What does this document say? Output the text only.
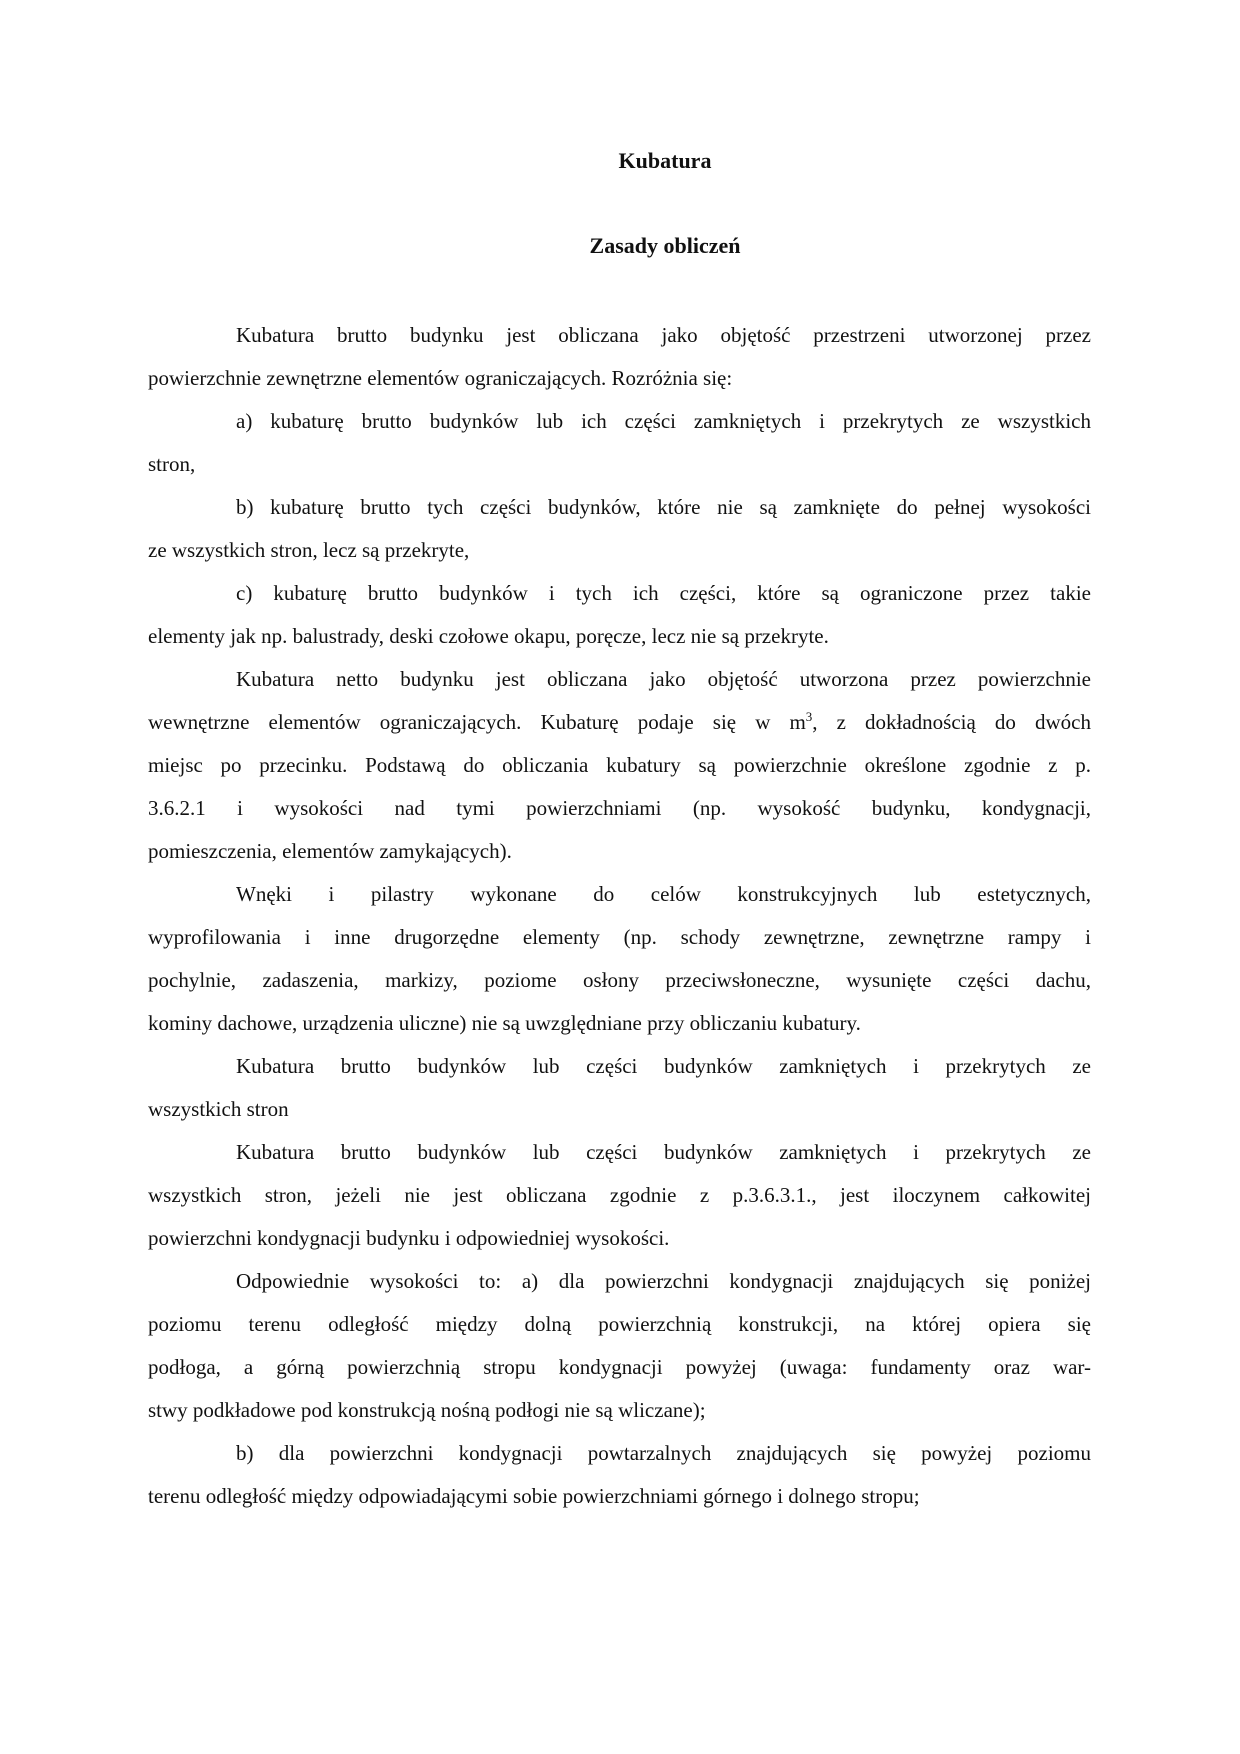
Kubatura
Zasady obliczeń
Kubatura brutto budynku jest obliczana jako objętość przestrzeni utworzonej przez
powierzchnie zewnętrzne elementów ograniczających. Rozróżnia się:
a) kubaturę brutto budynków lub ich części zamkniętych i przekrytych ze wszystkich
stron,
b) kubaturę brutto tych części budynków, które nie są zamknięte do pełnej wysokości
ze wszystkich stron, lecz są przekryte,
c) kubaturę brutto budynków i tych ich części, które są ograniczone przez takie
elementy jak np. balustrady, deski czołowe okapu, poręcze, lecz nie są przekryte.
Kubatura netto budynku jest obliczana jako objętość utworzona przez powierzchnie
wewnętrzne elementów ograniczających. Kubaturę podaje się w $m^3$, z dokładnością do dwóch
miejsc po przecinku. Podstawą do obliczania kubatury są powierzchnie określone zgodnie z p.
3.6.2.1 i wysokości nad tymi powierzchniami (np. wysokość budynku, kondygnacji,
pomieszczenia, elementów zamykających).
Wnęki i pilastry wykonane do celów konstrukcyjnych lub estetycznych,
wyprofilowania i inne drugorzędne elementy (np. schody zewnętrzne, zewnętrzne rampy i
pochylnie, zadaszenia, markizy, poziome osłony przeciwsłoneczne, wysunięte części dachu,
kominy dachowe, urządzenia uliczne) nie są uwzględniane przy obliczaniu kubatury.
Kubatura brutto budynków lub części budynków zamkniętych i przekrytych ze
wszystkich stron
Kubatura brutto budynków lub części budynków zamkniętych i przekrytych ze
wszystkich stron, jeżeli nie jest obliczana zgodnie z p.3.6.3.1., jest iloczynem całkowitej
powierzchni kondygnacji budynku i odpowiedniej wysokości.
Odpowiednie wysokości to: a) dla powierzchni kondygnacji znajdujących się poniżej
poziomu terenu odległość między dolną powierzchnią konstrukcji, na której opiera się
podłoga, a górną powierzchnią stropu kondygnacji powyżej (uwaga: fundamenty oraz war-
stwy podkładowe pod konstrukcją nośną podłogi nie są wliczane);
b) dla powierzchni kondygnacji powtarzalnych znajdujących się powyżej poziomu
terenu odległość między odpowiadającymi sobie powierzchniami górnego i dolnego stropu;
